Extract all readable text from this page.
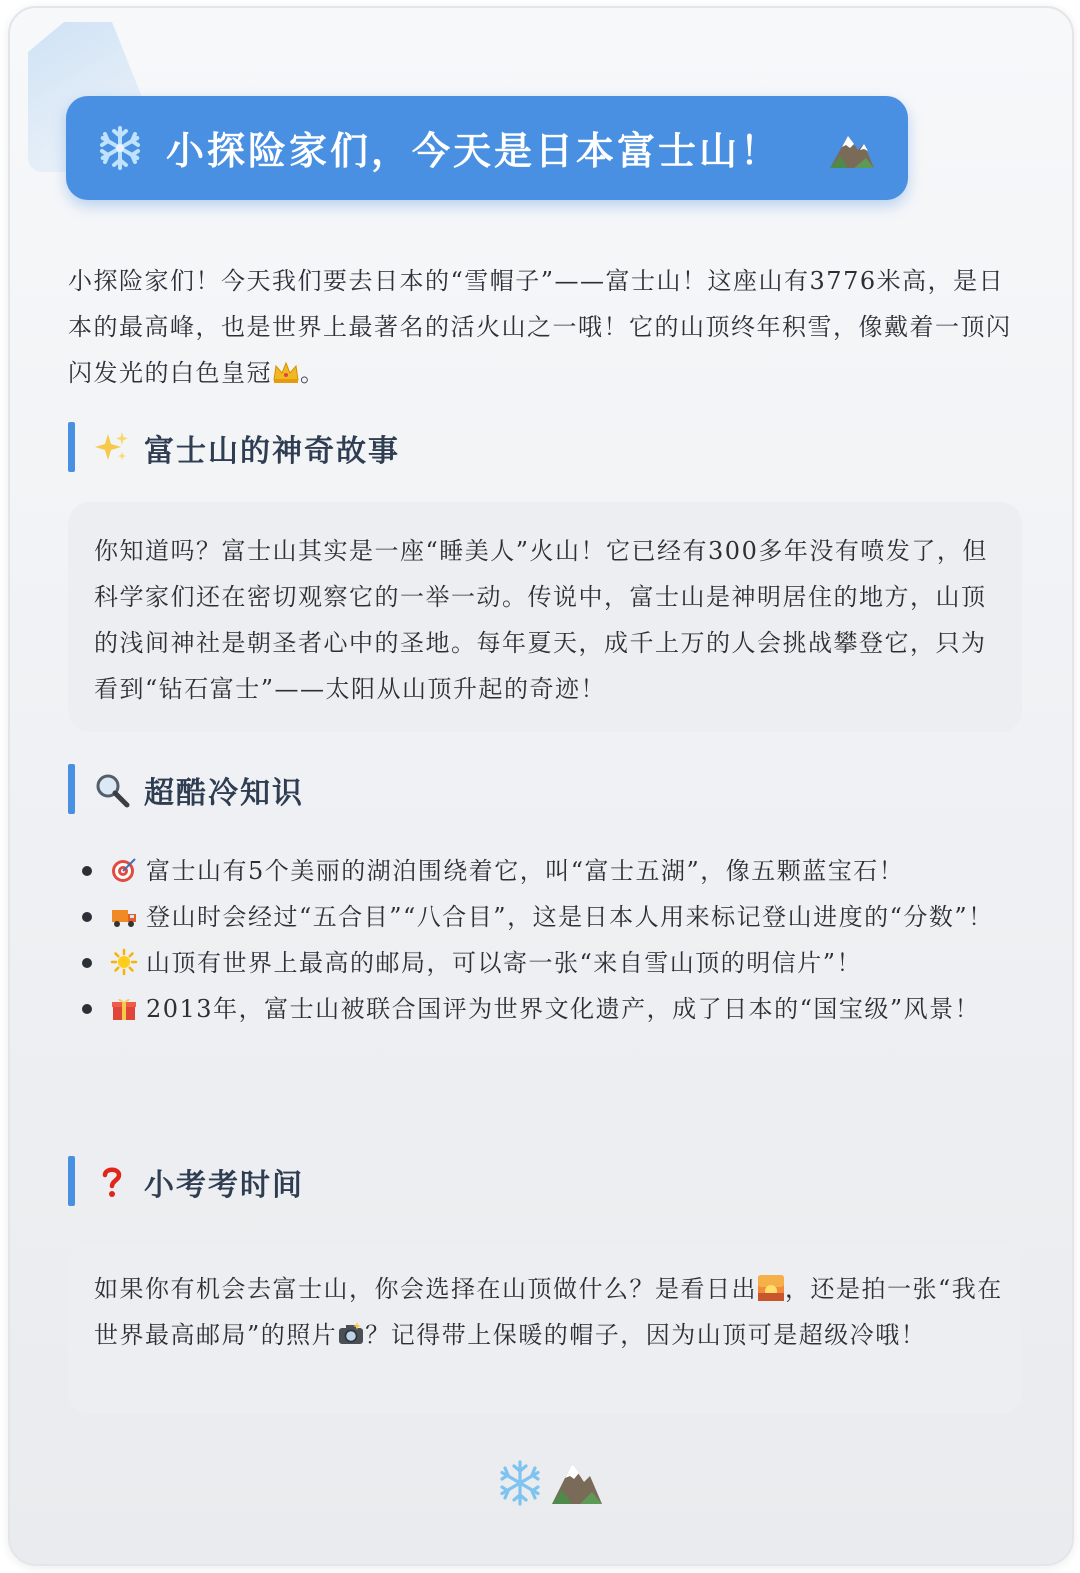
小探险家们，今天是日本富士山！
小探险家们！今天我们要去日本的“雪帽子”——富士山！这座山有3776米高，是日本的最高峰，也是世界上最著名的活火山之一哦！它的山顶终年积雪，像戴着一顶闪闪发光的白色皇冠 。
富士山的神奇故事
你知道吗？富士山其实是一座“睡美人”火山！它已经有300多年没有喷发了，但科学家们还在密切观察它的一举一动。传说中，富士山是神明居住的地方，山顶的浅间神社是朝圣者心中的圣地。每年夏天，成千上万的人会挑战攀登它，只为看到“钻石富士”——太阳从山顶升起的奇迹！
超酷冷知识
富士山有5个美丽的湖泊围绕着它，叫“富士五湖”，像五颗蓝宝石！
登山时会经过“五合目”“八合目”，这是日本人用来标记登山进度的“分数”！
山顶有世界上最高的邮局，可以寄一张“来自雪山顶的明信片”！
2013年，富士山被联合国评为世界文化遗产，成了日本的“国宝级”风景！
小考考时间
如果你有机会去富士山，你会选择在山顶做什么？是看日出 ，还是拍一张“我在世界最高邮局”的照片 ？记得带上保暖的帽子，因为山顶可是超级冷哦！
